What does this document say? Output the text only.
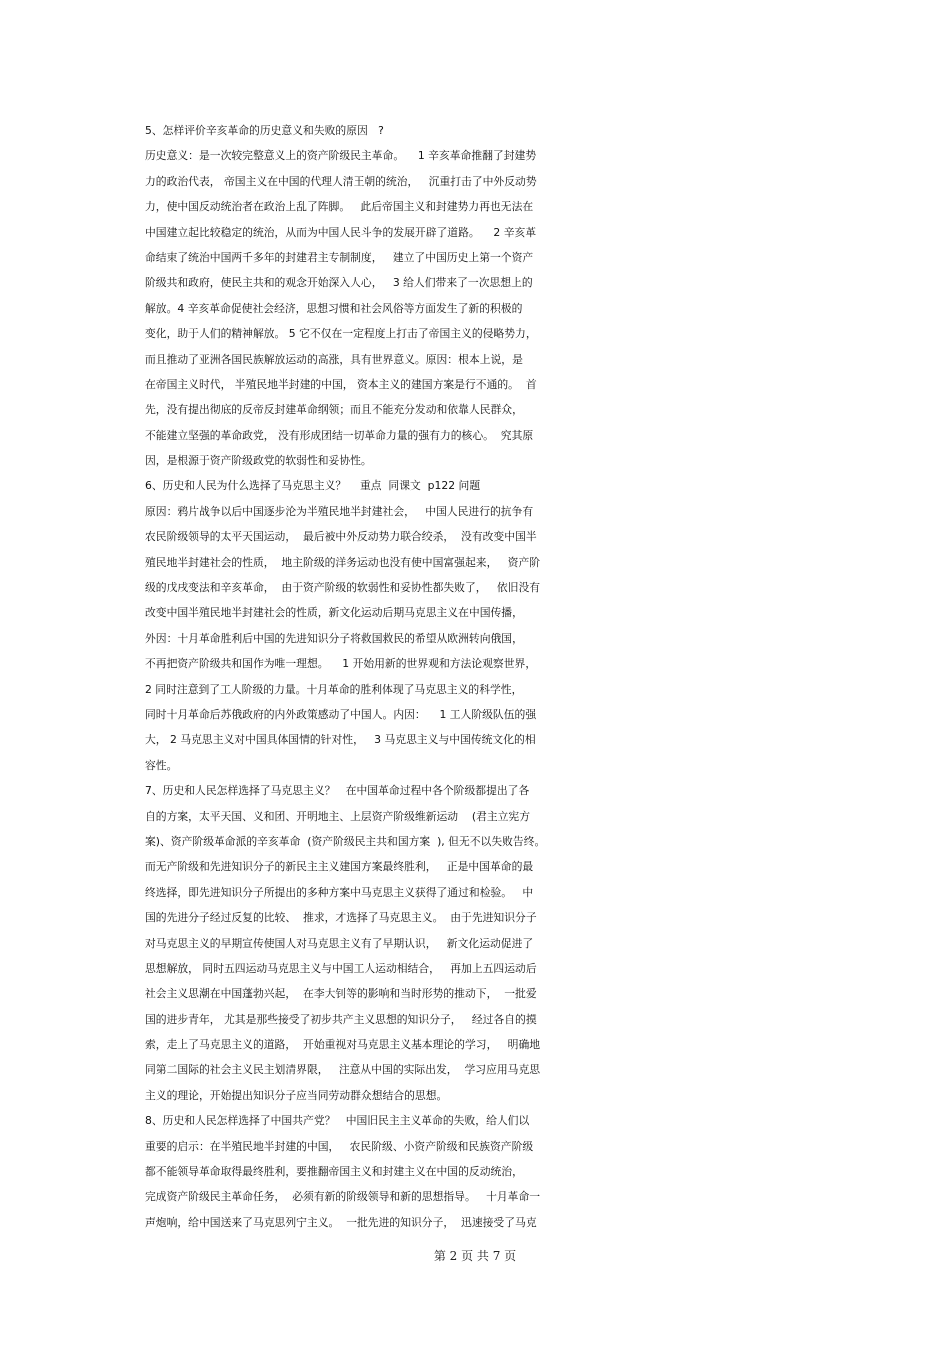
5、怎样评价辛亥革命的历史意义和失败的原因   ?
历史意义：是一次较完整意义上的资产阶级民主革命。    1 辛亥革命推翻了封建势
力的政治代表， 帝国主义在中国的代理人清王朝的统治，   沉重打击了中外反动势
力，使中国反动统治者在政治上乱了阵脚。   此后帝国主义和封建势力再也无法在
中国建立起比较稳定的统治，从而为中国人民斗争的发展开辟了道路。    2 辛亥革
命结束了统治中国两千多年的封建君主专制制度，   建立了中国历史上第一个资产
阶级共和政府，使民主共和的观念开始深入人心，   3 给人们带来了一次思想上的
解放。4 辛亥革命促使社会经济，思想习惯和社会风俗等方面发生了新的积极的
变化，助于人们的精神解放。 5 它不仅在一定程度上打击了帝国主义的侵略势力，
而且推动了亚洲各国民族解放运动的高涨，具有世界意义。原因：根本上说，是
在帝国主义时代， 半殖民地半封建的中国， 资本主义的建国方案是行不通的。  首
先，没有提出彻底的反帝反封建革命纲领；而且不能充分发动和依靠人民群众，
不能建立坚强的革命政党， 没有形成团结一切革命力量的强有力的核心。  究其原
因，是根源于资产阶级政党的软弱性和妥协性。
6、历史和人民为什么选择了马克思主义？    重点  同课文  p122 问题
原因：鸦片战争以后中国逐步沦为半殖民地半封建社会，   中国人民进行的抗争有
农民阶级领导的太平天国运动，  最后被中外反动势力联合绞杀，  没有改变中国半
殖民地半封建社会的性质，  地主阶级的洋务运动也没有使中国富强起来，   资产阶
级的戊戌变法和辛亥革命，  由于资产阶级的软弱性和妥协性都失败了，   依旧没有
改变中国半殖民地半封建社会的性质，新文化运动后期马克思主义在中国传播，
外因：十月革命胜利后中国的先进知识分子将救国救民的希望从欧洲转向俄国，
不再把资产阶级共和国作为唯一理想。    1 开始用新的世界观和方法论观察世界，
2 同时注意到了工人阶级的力量。十月革命的胜利体现了马克思主义的科学性，
同时十月革命后苏俄政府的内外政策感动了中国人。内因：    1 工人阶级队伍的强
大， 2 马克思主义对中国具体国情的针对性，   3 马克思主义与中国传统文化的相
容性。
7、历史和人民怎样选择了马克思主义？   在中国革命过程中各个阶级都提出了各
自的方案，太平天国、义和团、开明地主、上层资产阶级维新运动    (君主立宪方
案)、资产阶级革命派的辛亥革命  (资产阶级民主共和国方案  ), 但无不以失败告终。
而无产阶级和先进知识分子的新民主主义建国方案最终胜利，   正是中国革命的最
终选择，即先进知识分子所提出的多种方案中马克思主义获得了通过和检验。   中
国的先进分子经过反复的比较、  推求，才选择了马克思主义。  由于先进知识分子
对马克思主义的早期宣传使国人对马克思主义有了早期认识，   新文化运动促进了
思想解放， 同时五四运动马克思主义与中国工人运动相结合，   再加上五四运动后
社会主义思潮在中国蓬勃兴起，  在李大钊等的影响和当时形势的推动下，  一批爱
国的进步青年， 尤其是那些接受了初步共产主义思想的知识分子，   经过各自的摸
索，走上了马克思主义的道路，  开始重视对马克思主义基本理论的学习，   明确地
同第二国际的社会主义民主划清界限，   注意从中国的实际出发，  学习应用马克思
主义的理论，开始提出知识分子应当同劳动群众想结合的思想。
8、历史和人民怎样选择了中国共产党？   中国旧民主主义革命的失败，给人们以
重要的启示：在半殖民地半封建的中国，   农民阶级、小资产阶级和民族资产阶级
都不能领导革命取得最终胜利，要推翻帝国主义和封建主义在中国的反动统治，
完成资产阶级民主革命任务，  必须有新的阶级领导和新的思想指导。   十月革命一
声炮响，给中国送来了马克思列宁主义。  一批先进的知识分子，  迅速接受了马克
第 2 页 共 7 页
